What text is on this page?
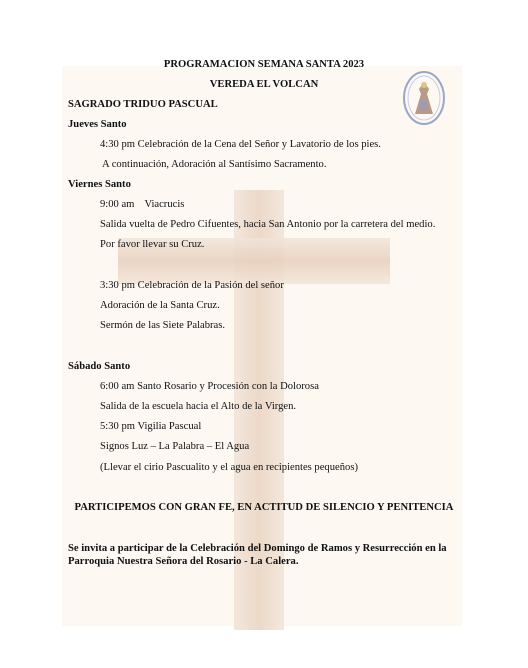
PROGRAMACION SEMANA SANTA 2023
VEREDA EL VOLCAN
SAGRADO TRIDUO PASCUAL
Jueves Santo
4:30 pm Celebración de la Cena del Señor y Lavatorio de los pies.
A continuación, Adoración al Santísimo Sacramento.
Viernes Santo
9:00 am Viacrucis
Salida vuelta de Pedro Cifuentes, hacia San Antonio por la carretera del medio.
Por favor llevar su Cruz.
3:30 pm Celebración de la Pasión del señor
Adoración de la Santa Cruz.
Sermón de las Siete Palabras.
Sábado Santo
6:00 am Santo Rosario y Procesión con la Dolorosa
Salida de la escuela hacia el Alto de la Virgen.
5:30 pm Vigilia Pascual
Signos Luz – La Palabra – El Agua
(Llevar el cirio Pascualito y el agua en recipientes pequeños)
PARTICIPEMOS CON GRAN FE, EN ACTITUD DE SILENCIO Y PENITENCIA
Se invita a participar de la Celebración del Domingo de Ramos y Resurrección en la
Parroquia Nuestra Señora del Rosario - La Calera.
